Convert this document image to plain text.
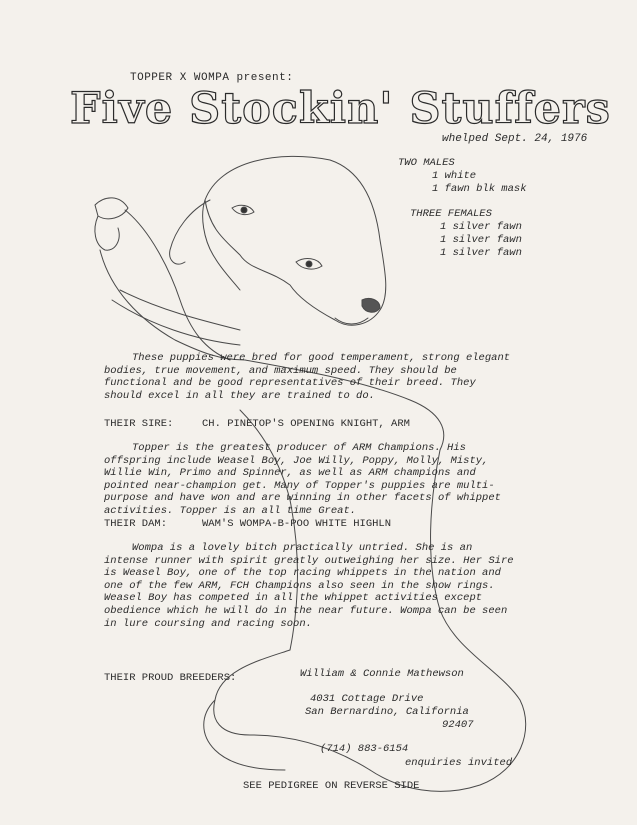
TOPPER X WOMPA present:
Five Stockin' Stuffers
whelped Sept. 24, 1976
TWO MALES
1 white
1 fawn blk mask
THREE FEMALES
1 silver fawn
1 silver fawn
1 silver fawn
These puppies were bred for good temperament, strong elegant bodies, true movement, and maximum speed. They should be functional and be good representatives of their breed. They should excel in all they are trained to do.
THEIR SIRE:	CH. PINETOP'S OPENING KNIGHT, ARM
Topper is the greatest producer of ARM Champions. His offspring include Weasel Boy, Joe Willy, Poppy, Molly, Misty, Willie Win, Primo and Spinner, as well as ARM champions and pointed near-champion get. Many of Topper's puppies are multi-purpose and have won and are winning in other facets of whippet activities. Topper is an all time Great.
THEIR DAM:	WAM'S WOMPA-B-POO WHITE HIGHLN
Wompa is a lovely bitch practically untried. She is an intense runner with spirit greatly outweighing her size. Her Sire is Weasel Boy, one of the top racing whippets in the nation and one of the few ARM, FCH Champions also seen in the show rings. Weasel Boy has competed in all the whippet activities except obedience which he will do in the near future. Wompa can be seen in lure coursing and racing soon.
THEIR PROUD BREEDERS:	William & Connie Mathewson
4031 Cottage Drive
San Bernardino, California
92407
(714) 883-6154
enquiries invited
SEE PEDIGREE ON REVERSE SIDE
